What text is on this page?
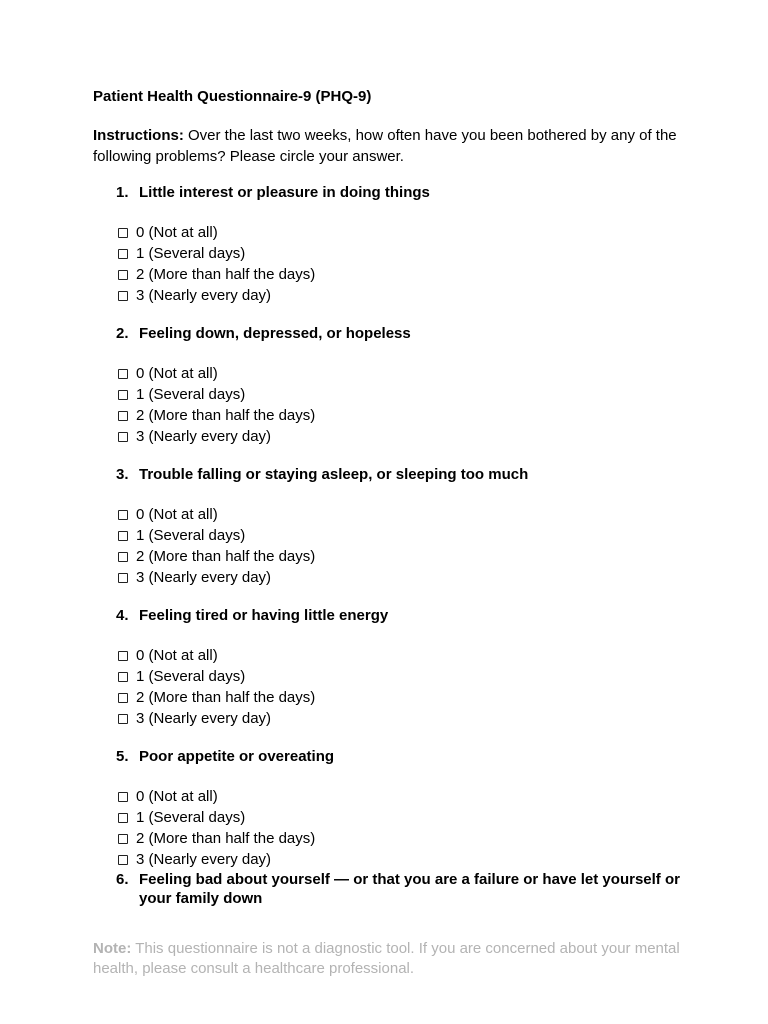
Patient Health Questionnaire-9 (PHQ-9)
Instructions: Over the last two weeks, how often have you been bothered by any of the following problems? Please circle your answer.
1. Little interest or pleasure in doing things
0 (Not at all)
1 (Several days)
2 (More than half the days)
3 (Nearly every day)
2. Feeling down, depressed, or hopeless
0 (Not at all)
1 (Several days)
2 (More than half the days)
3 (Nearly every day)
3. Trouble falling or staying asleep, or sleeping too much
0 (Not at all)
1 (Several days)
2 (More than half the days)
3 (Nearly every day)
4. Feeling tired or having little energy
0 (Not at all)
1 (Several days)
2 (More than half the days)
3 (Nearly every day)
5. Poor appetite or overeating
0 (Not at all)
1 (Several days)
2 (More than half the days)
3 (Nearly every day)
6. Feeling bad about yourself — or that you are a failure or have let yourself or your family down
Note: This questionnaire is not a diagnostic tool. If you are concerned about your mental health, please consult a healthcare professional.
